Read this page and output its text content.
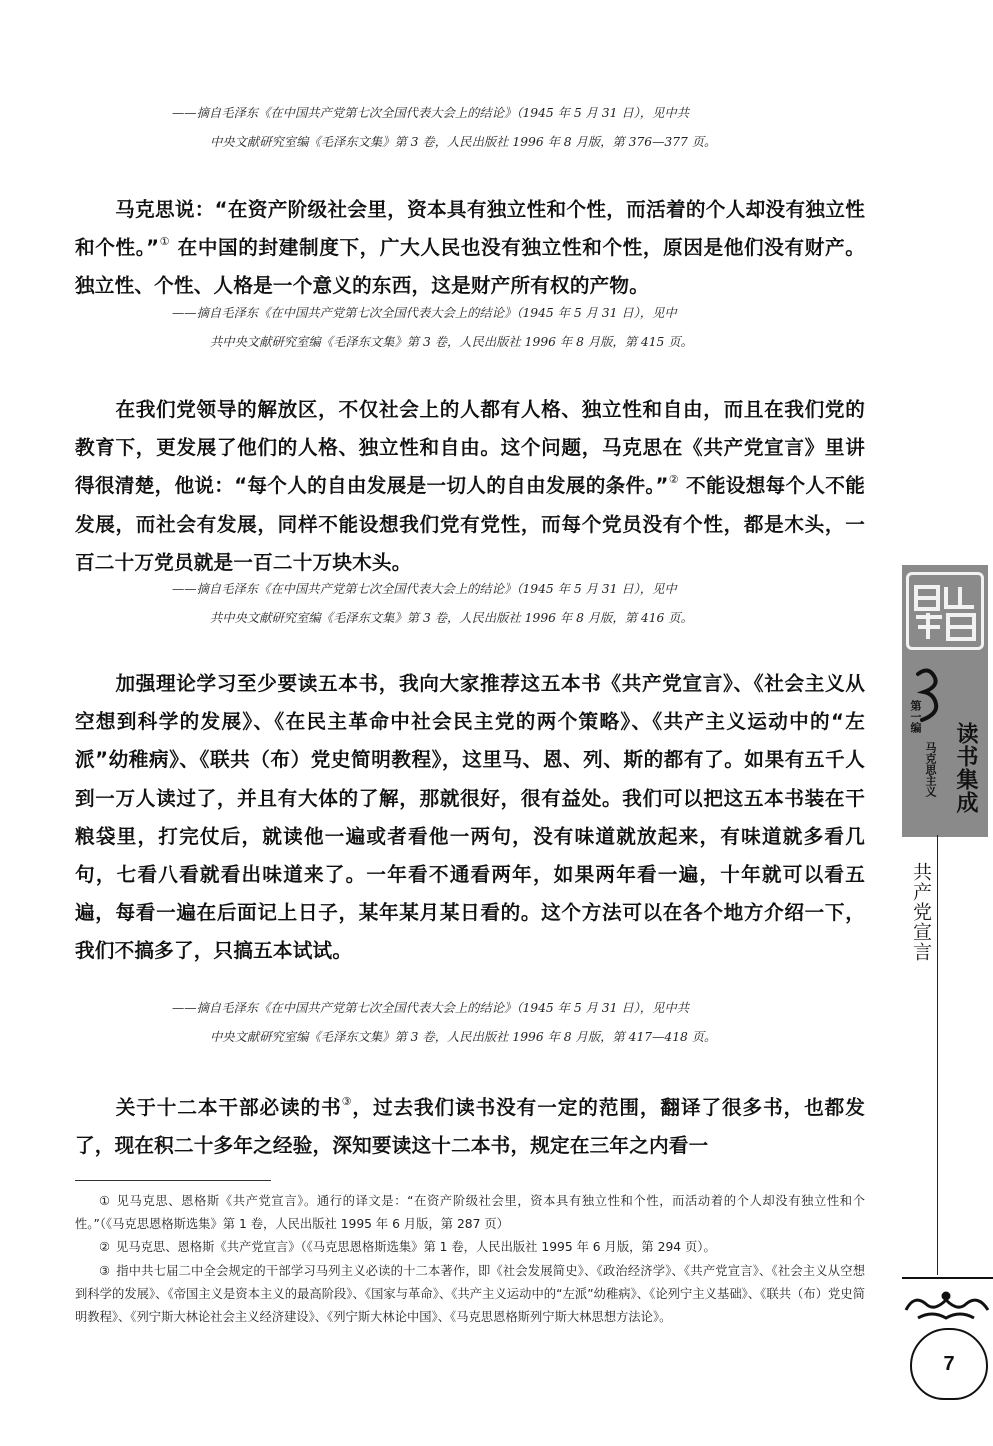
——摘自毛泽东《在中国共产党第七次全国代表大会上的结论》（1945 年 5 月 31 日），见中共

中央文献研究室编《毛泽东文集》第 3 卷，人民出版社 1996 年 8 月版，第 376—377 页。

马克思说：“在资产阶级社会里，资本具有独立性和个性，而活着的个人却没有独立性和个性。”① 在中国的封建制度下，广大人民也没有独立性和个性，原因是他们没有财产。独立性、个性、人格是一个意义的东西，这是财产所有权的产物。

——摘自毛泽东《在中国共产党第七次全国代表大会上的结论》（1945 年 5 月 31 日），见中

共中央文献研究室编《毛泽东文集》第 3 卷，人民出版社 1996 年 8 月版，第 415 页。

在我们党领导的解放区，不仅社会上的人都有人格、独立性和自由，而且在我们党的教育下，更发展了他们的人格、独立性和自由。这个问题，马克思在《共产党宣言》里讲得很清楚，他说：“每个人的自由发展是一切人的自由发展的条件。”② 不能设想每个人不能发展，而社会有发展，同样不能设想我们党有党性，而每个党员没有个性，都是木头，一百二十万党员就是一百二十万块木头。

——摘自毛泽东《在中国共产党第七次全国代表大会上的结论》（1945 年 5 月 31 日），见中

共中央文献研究室编《毛泽东文集》第 3 卷，人民出版社 1996 年 8 月版，第 416 页。

加强理论学习至少要读五本书，我向大家推荐这五本书《共产党宣言》、《社会主义从空想到科学的发展》、《在民主革命中社会民主党的两个策略》、《共产主义运动中的“左派”幼稚病》、《联共（布）党史简明教程》，这里马、恩、列、斯的都有了。如果有五千人到一万人读过了，并且有大体的了解，那就很好，很有益处。我们可以把这五本书装在干粮袋里，打完仗后，就读他一遍或者看他一两句，没有味道就放起来，有味道就多看几句，七看八看就看出味道来了。一年看不通看两年，如果两年看一遍，十年就可以看五遍，每看一遍在后面记上日子，某年某月某日看的。这个方法可以在各个地方介绍一下，我们不搞多了，只搞五本试试。

——摘自毛泽东《在中国共产党第七次全国代表大会上的结论》（1945 年 5 月 31 日），见中共

中央文献研究室编《毛泽东文集》第 3 卷，人民出版社 1996 年 8 月版，第 417—418 页。

关于十二本干部必读的书③，过去我们读书没有一定的范围，翻译了很多书，也都发了，现在积二十多年之经验，深知要读这十二本书，规定在三年之内看一

① 见马克思、恩格斯《共产党宣言》。通行的译文是：“在资产阶级社会里，资本具有独立性和个性，而活动着的个人却没有独立性和个性。”（《马克思恩格斯选集》第 1 卷，人民出版社 1995 年 6 月版，第 287 页）

② 见马克思、恩格斯《共产党宣言》（《马克思恩格斯选集》第 1 卷，人民出版社 1995 年 6 月版，第 294 页）。

③ 指中共七届二中全会规定的干部学习马列主义必读的十二本著作，即《社会发展简史》、《政治经济学》、《共产党宣言》、《社会主义从空想到科学的发展》、《帝国主义是资本主义的最高阶段》、《国家与革命》、《共产主义运动中的“左派”幼稚病》、《论列宁主义基础》、《联共（布）党史简明教程》、《列宁斯大林论社会主义经济建设》、《列宁斯大林论中国》、《马克思恩格斯列宁斯大林思想方法论》。

读书集成
第一编
马克思主义
共产党宣言
7
